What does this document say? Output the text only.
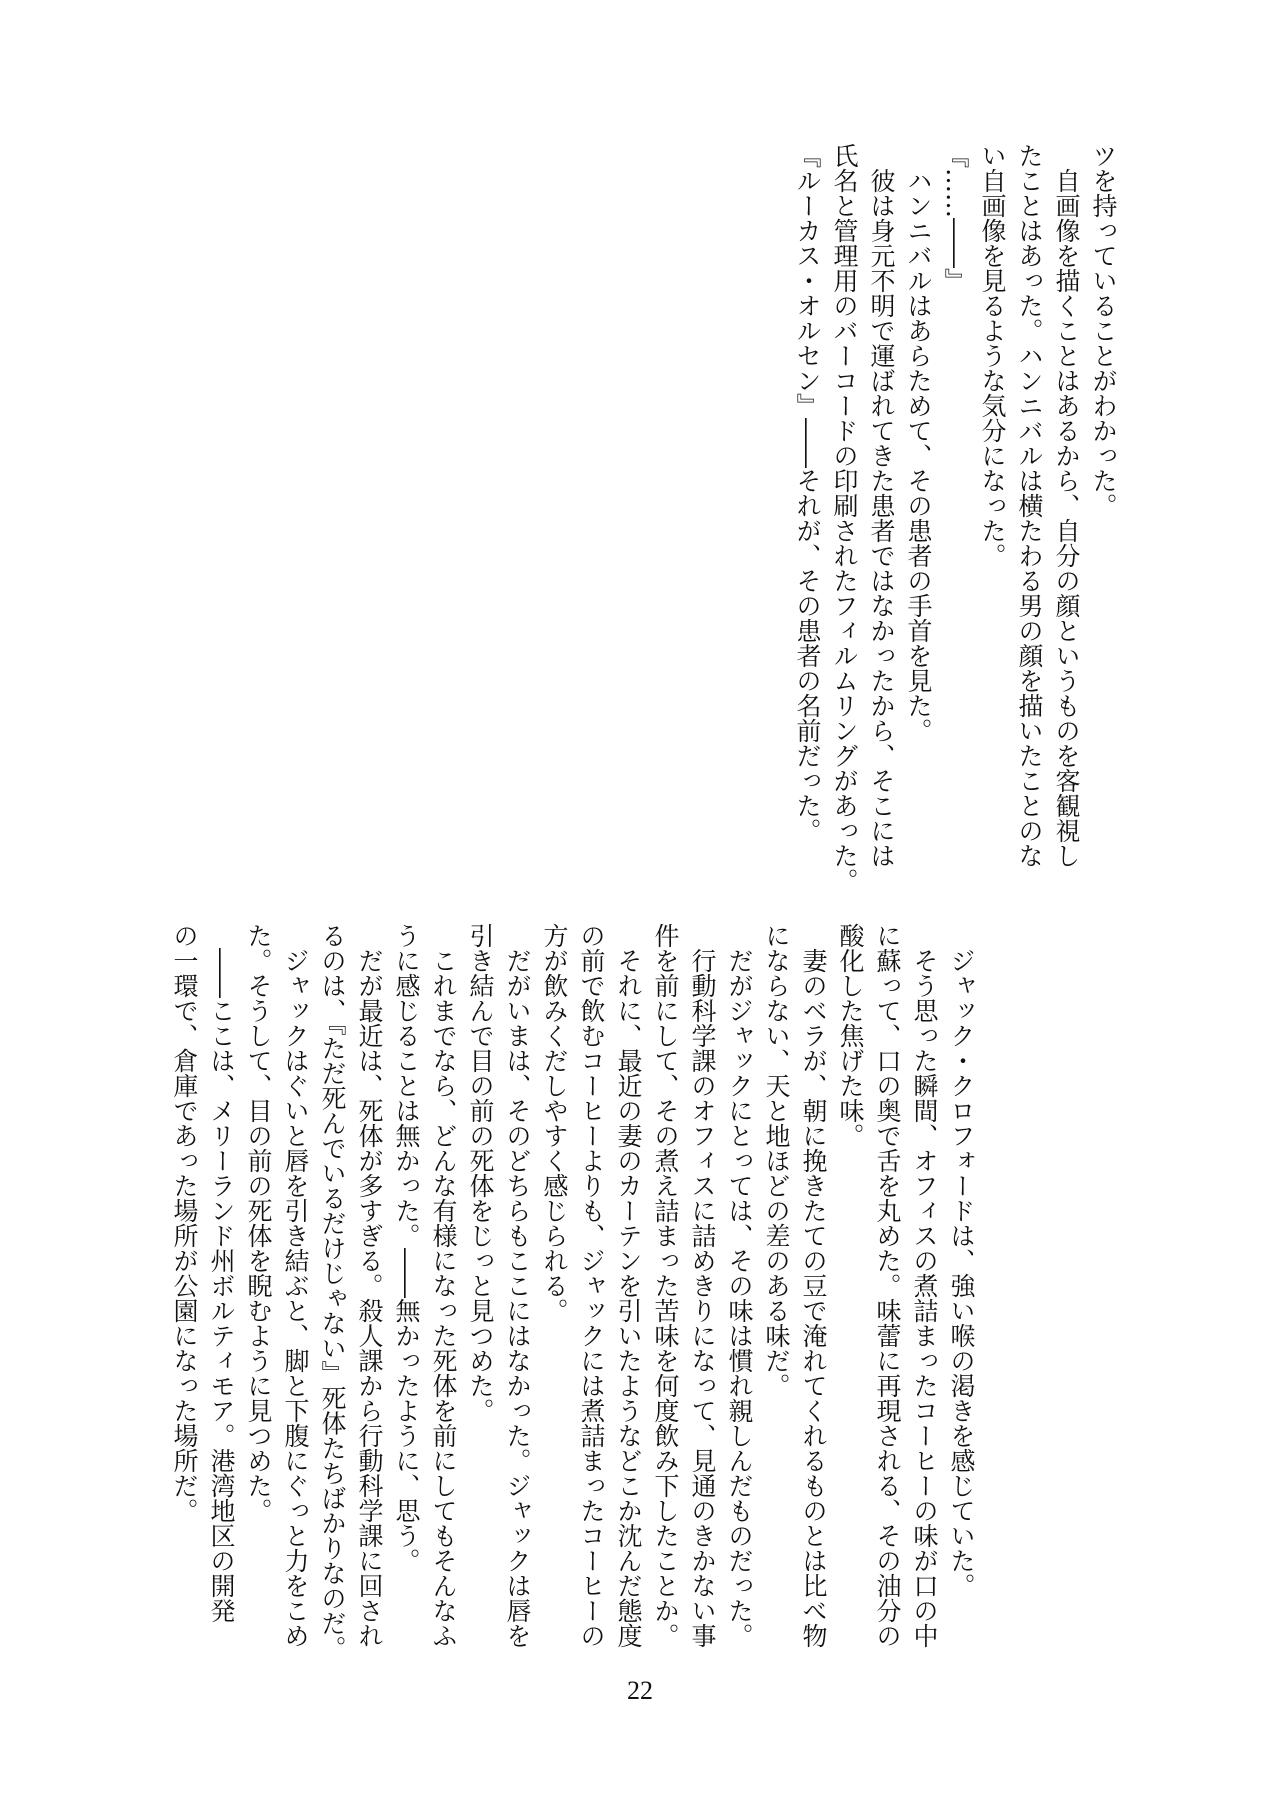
ツを持っていることがわかった。
　自画像を描くことはあるから、自分の顔というものを客観視し
たことはあった。ハンニバルは横たわる男の顔を描いたことのな
い自画像を見るような気分になった。
『……――』
　ハンニバルはあらためて、その患者の手首を見た。
　彼は身元不明で運ばれてきた患者ではなかったから、そこには
氏名と管理用のバーコードの印刷されたフィルムリングがあった。
『ルーカス・オルセン』――それが、その患者の名前だった。
　ジャック・クロフォードは、強い喉の渇きを感じていた。
　そう思った瞬間、オフィスの煮詰まったコーヒーの味が口の中
に蘇って、口の奥で舌を丸めた。味蕾に再現される、その油分の
酸化した焦げた味。
　妻のベラが、朝に挽きたての豆で淹れてくれるものとは比べ物
にならない、天と地ほどの差のある味だ。
　だがジャックにとっては、その味は慣れ親しんだものだった。
　行動科学課のオフィスに詰めきりになって、見通のきかない事
件を前にして、その煮え詰まった苦味を何度飲み下したことか。
　それに、最近の妻のカーテンを引いたようなどこか沈んだ態度
の前で飲むコーヒーよりも、ジャックには煮詰まったコーヒーの
方が飲みくだしやすく感じられる。
　だがいまは、そのどちらもここにはなかった。ジャックは唇を
引き結んで目の前の死体をじっと見つめた。
　これまでなら、どんな有様になった死体を前にしてもそんなふ
うに感じることは無かった。――無かったように、思う。
　だが最近は、死体が多すぎる。殺人課から行動科学課に回され
るのは、『ただ死んでいるだけじゃない』死体たちばかりなのだ。
　ジャックはぐいと唇を引き結ぶと、脚と下腹にぐっと力をこめ
た。そうして、目の前の死体を睨むように見つめた。
　――ここは、メリーランド州ボルティモア。港湾地区の開発
の一環で、倉庫であった場所が公園になった場所だ。
22
